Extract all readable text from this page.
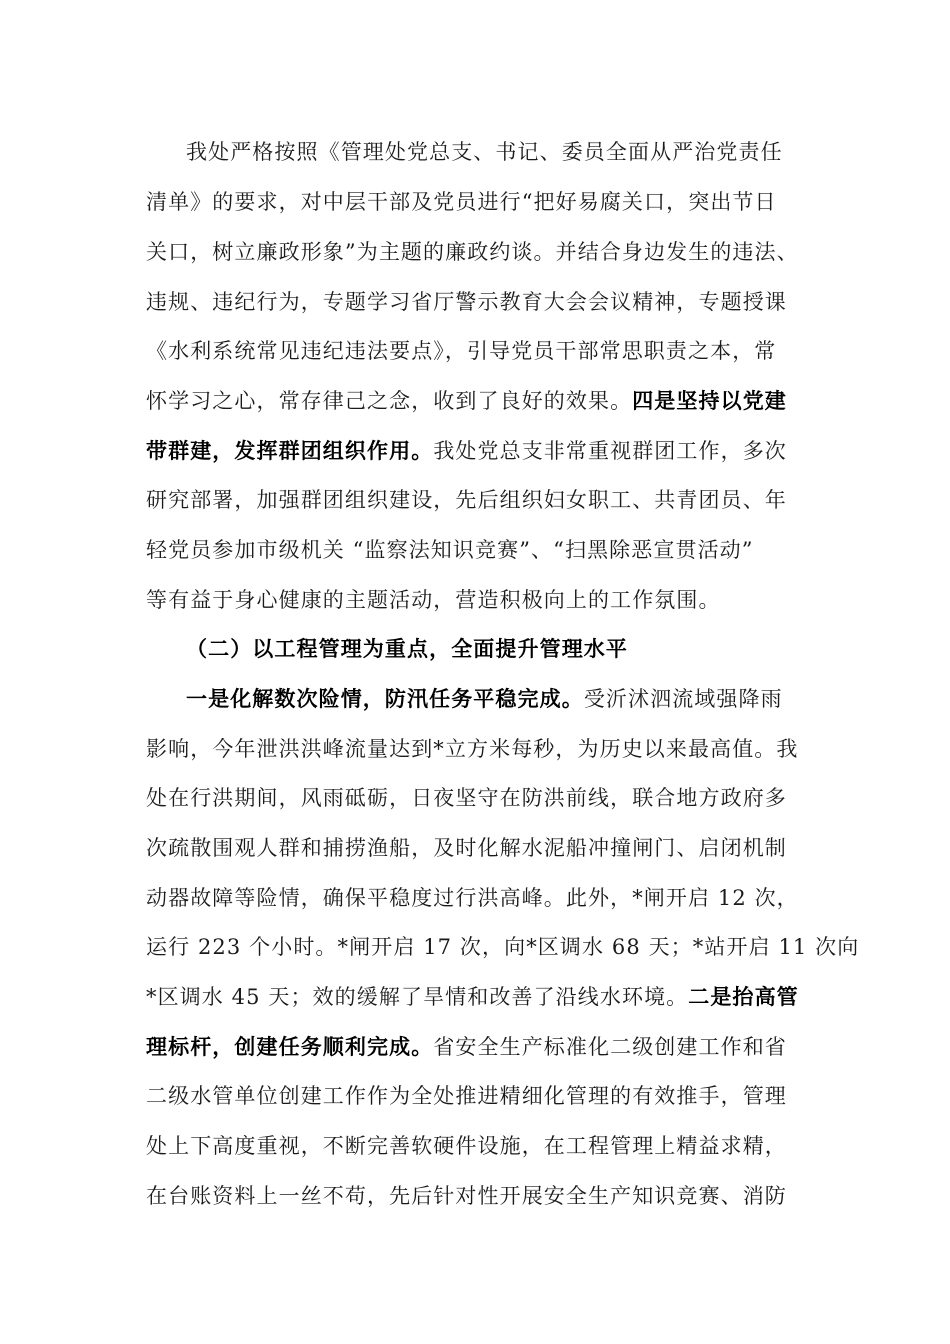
我处严格按照《管理处党总支、书记、委员全面从严治党责任
清单》的要求，对中层干部及党员进行“把好易腐关口，突出节日
关口，树立廉政形象”为主题的廉政约谈。并结合身边发生的违法、
违规、违纪行为，专题学习省厅警示教育大会会议精神，专题授课
《水利系统常见违纪违法要点》，引导党员干部常思职责之本，常
怀学习之心，常存律己之念，收到了良好的效果。四是坚持以党建
带群建，发挥群团组织作用。我处党总支非常重视群团工作，多次
研究部署，加强群团组织建设，先后组织妇女职工、共青团员、年
轻党员参加市级机关 “监察法知识竞赛”、“扫黑除恶宣贯活动”
等有益于身心健康的主题活动，营造积极向上的工作氛围。
（二）以工程管理为重点，全面提升管理水平
一是化解数次险情，防汛任务平稳完成。受沂沭泗流域强降雨
影响，今年泄洪洪峰流量达到*立方米每秒，为历史以来最高值。我
处在行洪期间，风雨砥砺，日夜坚守在防洪前线，联合地方政府多
次疏散围观人群和捕捞渔船，及时化解水泥船冲撞闸门、启闭机制
动器故障等险情，确保平稳度过行洪高峰。此外，*闸开启 12 次，
运行 223 个小时。*闸开启 17 次，向*区调水 68 天；*站开启 11 次向
*区调水 45 天；效的缓解了旱情和改善了沿线水环境。二是抬高管
理标杆，创建任务顺利完成。省安全生产标准化二级创建工作和省
二级水管单位创建工作作为全处推进精细化管理的有效推手，管理
处上下高度重视，不断完善软硬件设施，在工程管理上精益求精，
在台账资料上一丝不苟，先后针对性开展安全生产知识竞赛、消防
